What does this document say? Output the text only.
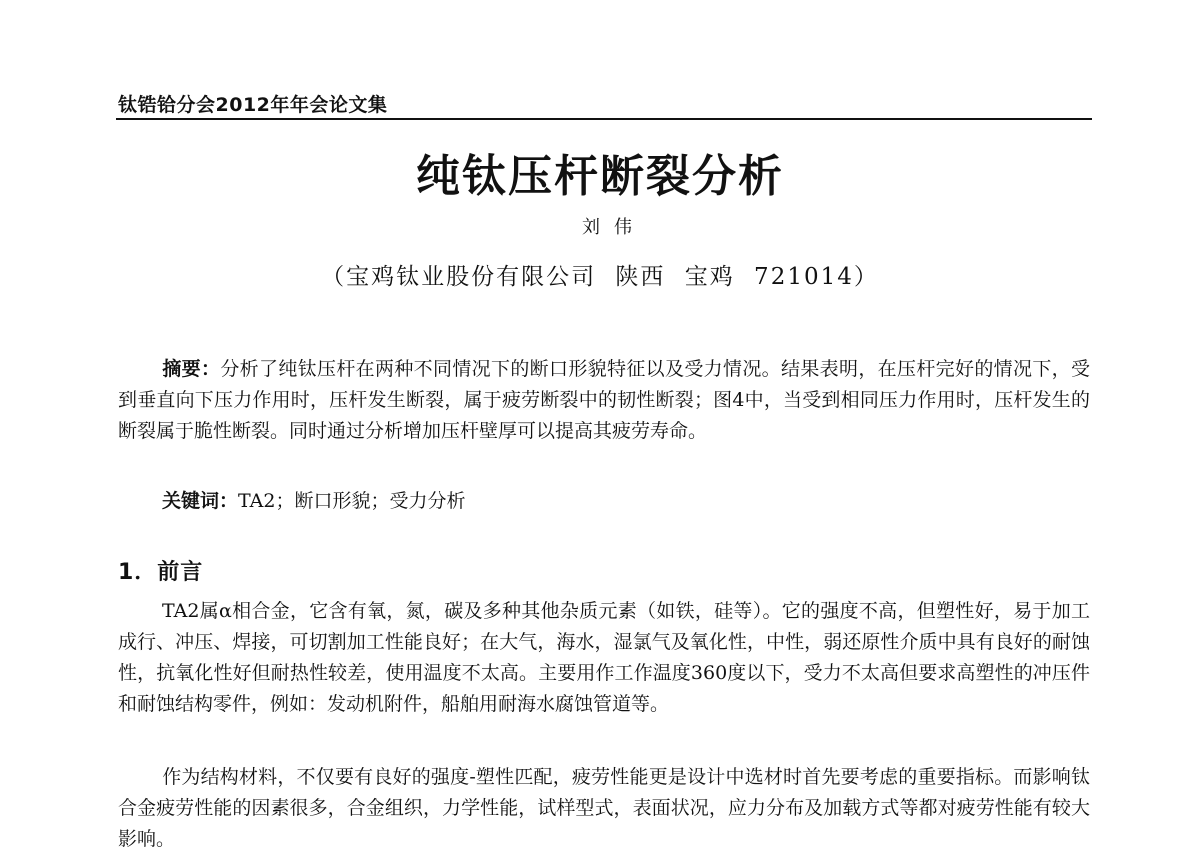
钛锆铪分会2012年年会论文集
纯钛压杆断裂分析
刘伟
（宝鸡钛业股份有限公司 陕西 宝鸡 721014）

摘要：分析了纯钛压杆在两种不同情况下的断口形貌特征以及受力情况。结果表明，在压杆完好的情况下，受到垂直向下压力作用时，压杆发生断裂，属于疲劳断裂中的韧性断裂；图4中，当受到相同压力作用时，压杆发生的断裂属于脆性断裂。同时通过分析增加压杆壁厚可以提高其疲劳寿命。

关键词：TA2；断口形貌；受力分析

1．前言

TA2属α相合金，它含有氧，氮，碳及多种其他杂质元素（如铁，硅等）。它的强度不高，但塑性好，易于加工成行、冲压、焊接，可切割加工性能良好；在大气，海水，湿氯气及氧化性，中性，弱还原性介质中具有良好的耐蚀性，抗氧化性好但耐热性较差，使用温度不太高。主要用作工作温度360度以下，受力不太高但要求高塑性的冲压件和耐蚀结构零件，例如：发动机附件，船舶用耐海水腐蚀管道等。

作为结构材料，不仅要有良好的强度-塑性匹配，疲劳性能更是设计中选材时首先要考虑的重要指标。而影响钛合金疲劳性能的因素很多，合金组织，力学性能，试样型式，表面状况，应力分布及加载方式等都对疲劳性能有较大影响。
